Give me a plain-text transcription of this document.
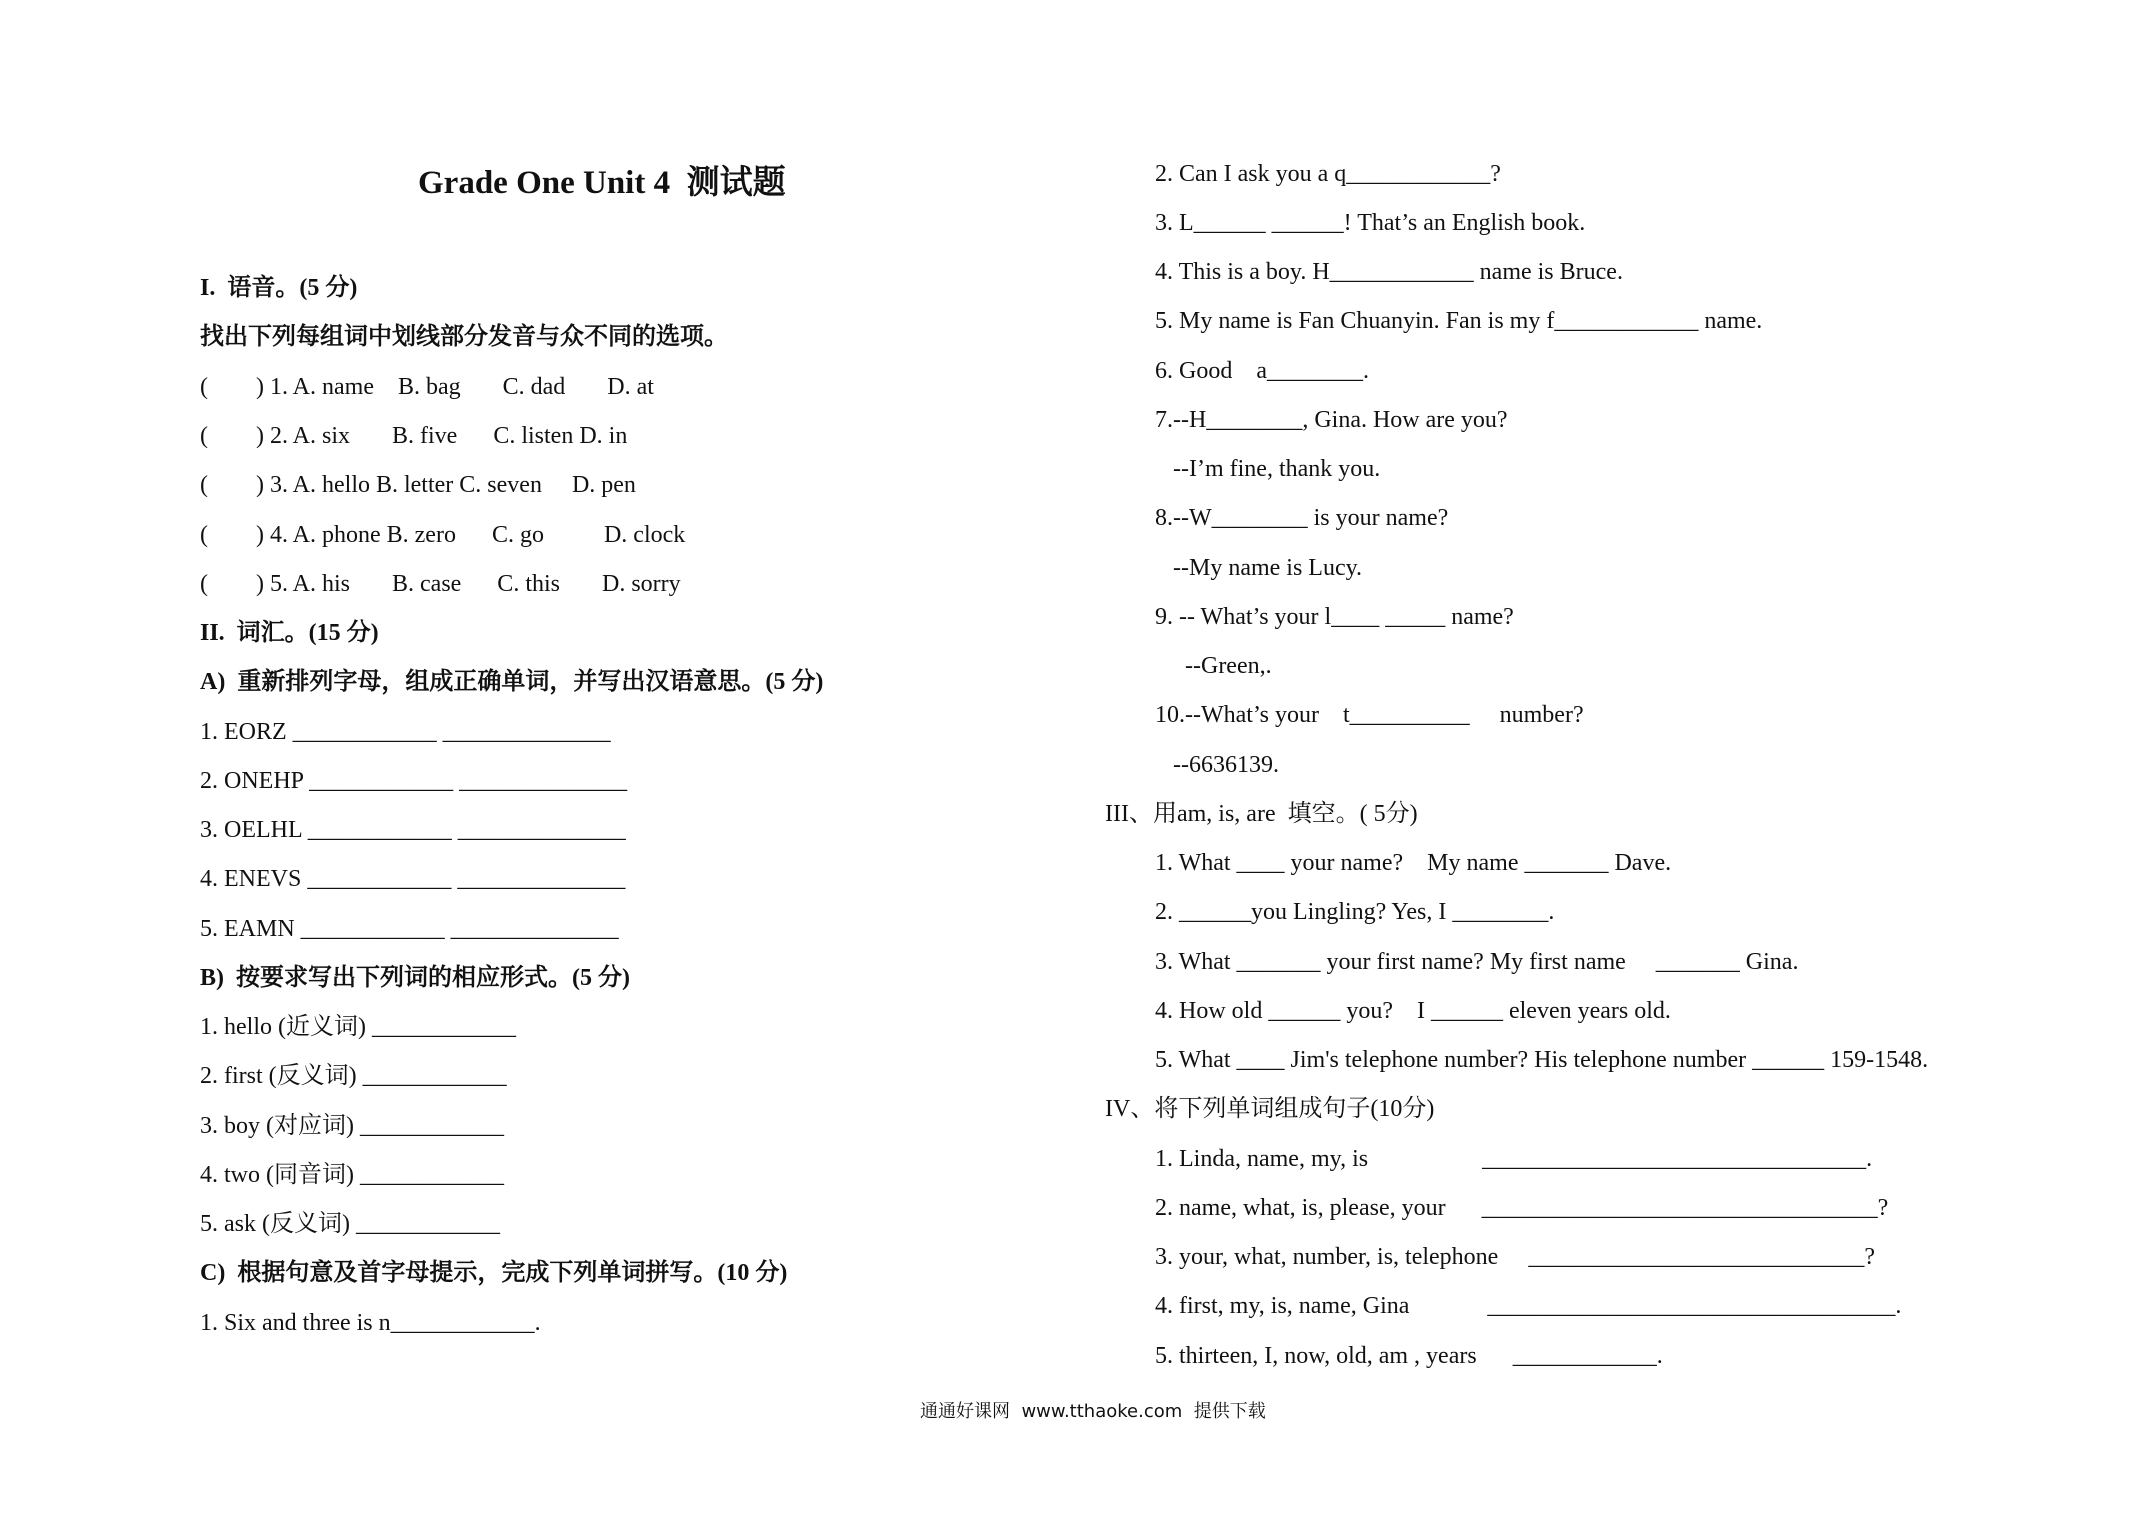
Grade One Unit 4  测试题
I.  语音。(5 分)
找出下列每组词中划线部分发音与众不同的选项。
(        ) 1. A. name    B. bag       C. dad       D. at
(        ) 2. A. six       B. five      C. listen D. in
(        ) 3. A. hello B. letter C. seven     D. pen
(        ) 4. A. phone B. zero      C. go          D. clock
(        ) 5. A. his       B. case      C. this       D. sorry
II.  词汇。(15 分)
A)  重新排列字母，组成正确单词，并写出汉语意思。(5 分)
1. EORZ ____________ ______________
2. ONEHP ____________ ______________
3. OELHL ____________ ______________
4. ENEVS ____________ ______________
5. EAMN ____________ ______________
B)  按要求写出下列词的相应形式。(5 分)
1. hello (近义词) ____________
2. first (反义词) ____________
3. boy (对应词) ____________
4. two (同音词) ____________
5. ask (反义词) ____________
C)  根据句意及首字母提示，完成下列单词拼写。(10 分)
1. Six and three is n____________.
2. Can I ask you a q____________?
3. L______ ______! That’s an English book.
4. This is a boy. H____________ name is Bruce.
5. My name is Fan Chuanyin. Fan is my f____________ name.
6. Good    a________.
7.--H________, Gina. How are you?
--I’m fine, thank you.
8.--W________ is your name?
--My name is Lucy.
9. -- What’s your l____ _____ name?
--Green,.
10.--What’s your    t__________     number?
--6636139.
III、用am, is, are  填空。( 5分)
1. What ____ your name?    My name _______ Dave.
2. ______you Lingling? Yes, I ________.
3. What _______ your first name? My first name     _______ Gina.
4. How old ______ you?    I ______ eleven years old.
5. What ____ Jim's telephone number? His telephone number ______ 159-1548.
IV、将下列单词组成句子(10分)
1. Linda, name, my, is                   ________________________________.
2. name, what, is, please, your      _________________________________?
3. your, what, number, is, telephone     ____________________________?
4. first, my, is, name, Gina             __________________________________.
5. thirteen, I, now, old, am , years      ____________.
通通好课网  www.tthaoke.com  提供下载
